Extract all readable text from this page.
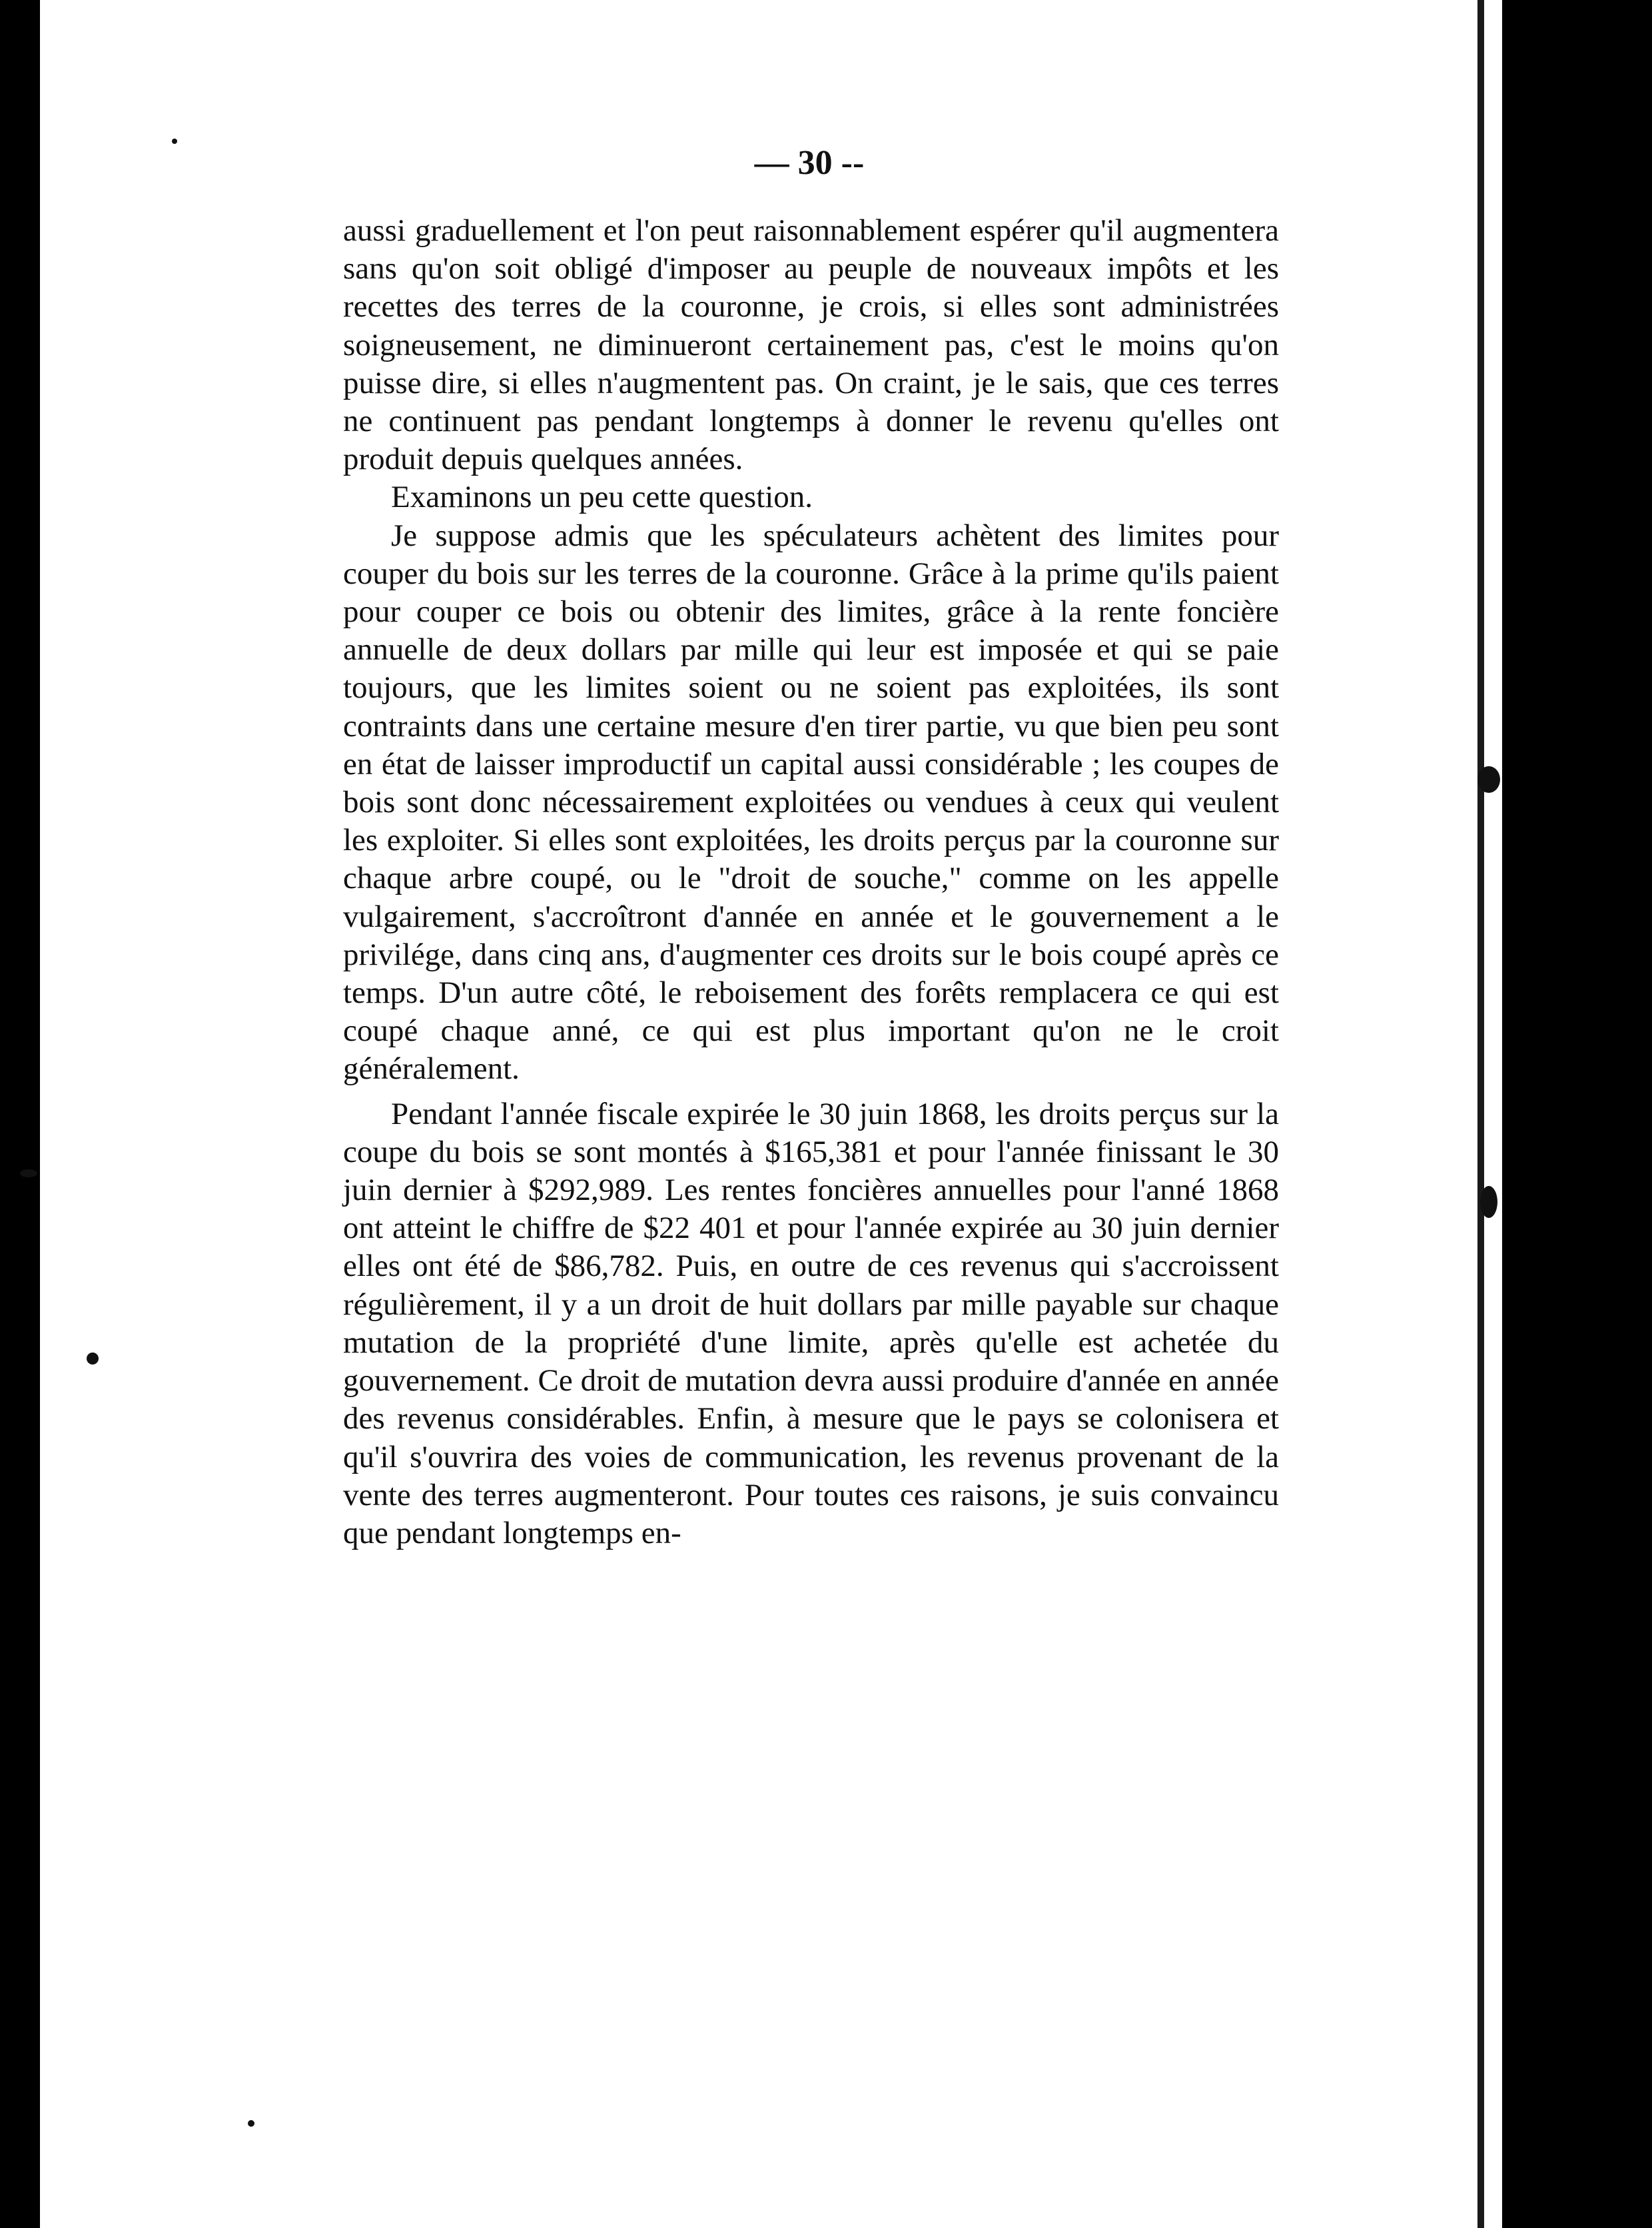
— 30 --

aussi graduellement et l'on peut raisonnablement espérer qu'il augmentera sans qu'on soit obligé d'imposer au peuple de nouveaux impôts et les recettes des terres de la couronne, je crois, si elles sont administrées soigneusement, ne diminueront certainement pas, c'est le moins qu'on puisse dire, si elles n'augmentent pas. On craint, je le sais, que ces terres ne continuent pas pendant longtemps à donner le revenu qu'elles ont produit depuis quelques années.

Examinons un peu cette question.

Je suppose admis que les spéculateurs achètent des limites pour couper du bois sur les terres de la couronne. Grâce à la prime qu'ils paient pour couper ce bois ou obtenir des limites, grâce à la rente foncière annuelle de deux dollars par mille qui leur est imposée et qui se paie toujours, que les limites soient ou ne soient pas exploitées, ils sont contraints dans une certaine mesure d'en tirer partie, vu que bien peu sont en état de laisser improductif un capital aussi considérable ; les coupes de bois sont donc nécessairement exploitées ou vendues à ceux qui veulent les exploiter. Si elles sont exploitées, les droits perçus par la couronne sur chaque arbre coupé, ou le "droit de souche," comme on les appelle vulgairement, s'accroîtront d'année en année et le gouvernement a le privilége, dans cinq ans, d'augmenter ces droits sur le bois coupé après ce temps. D'un autre côté, le reboisement des forêts remplacera ce qui est coupé chaque anné, ce qui est plus important qu'on ne le croit généralement.

Pendant l'année fiscale expirée le 30 juin 1868, les droits perçus sur la coupe du bois se sont montés à $165,381 et pour l'année finissant le 30 juin dernier à $292,989. Les rentes foncières annuelles pour l'anné 1868 ont atteint le chiffre de $22 401 et pour l'année expirée au 30 juin dernier elles ont été de $86,782. Puis, en outre de ces revenus qui s'accroissent régulièrement, il y a un droit de huit dollars par mille payable sur chaque mutation de la propriété d'une limite, après qu'elle est achetée du gouvernement. Ce droit de mutation devra aussi produire d'année en année des revenus considérables. Enfin, à mesure que le pays se colonisera et qu'il s'ouvrira des voies de communication, les revenus provenant de la vente des terres augmenteront. Pour toutes ces raisons, je suis convaincu que pendant longtemps en-
